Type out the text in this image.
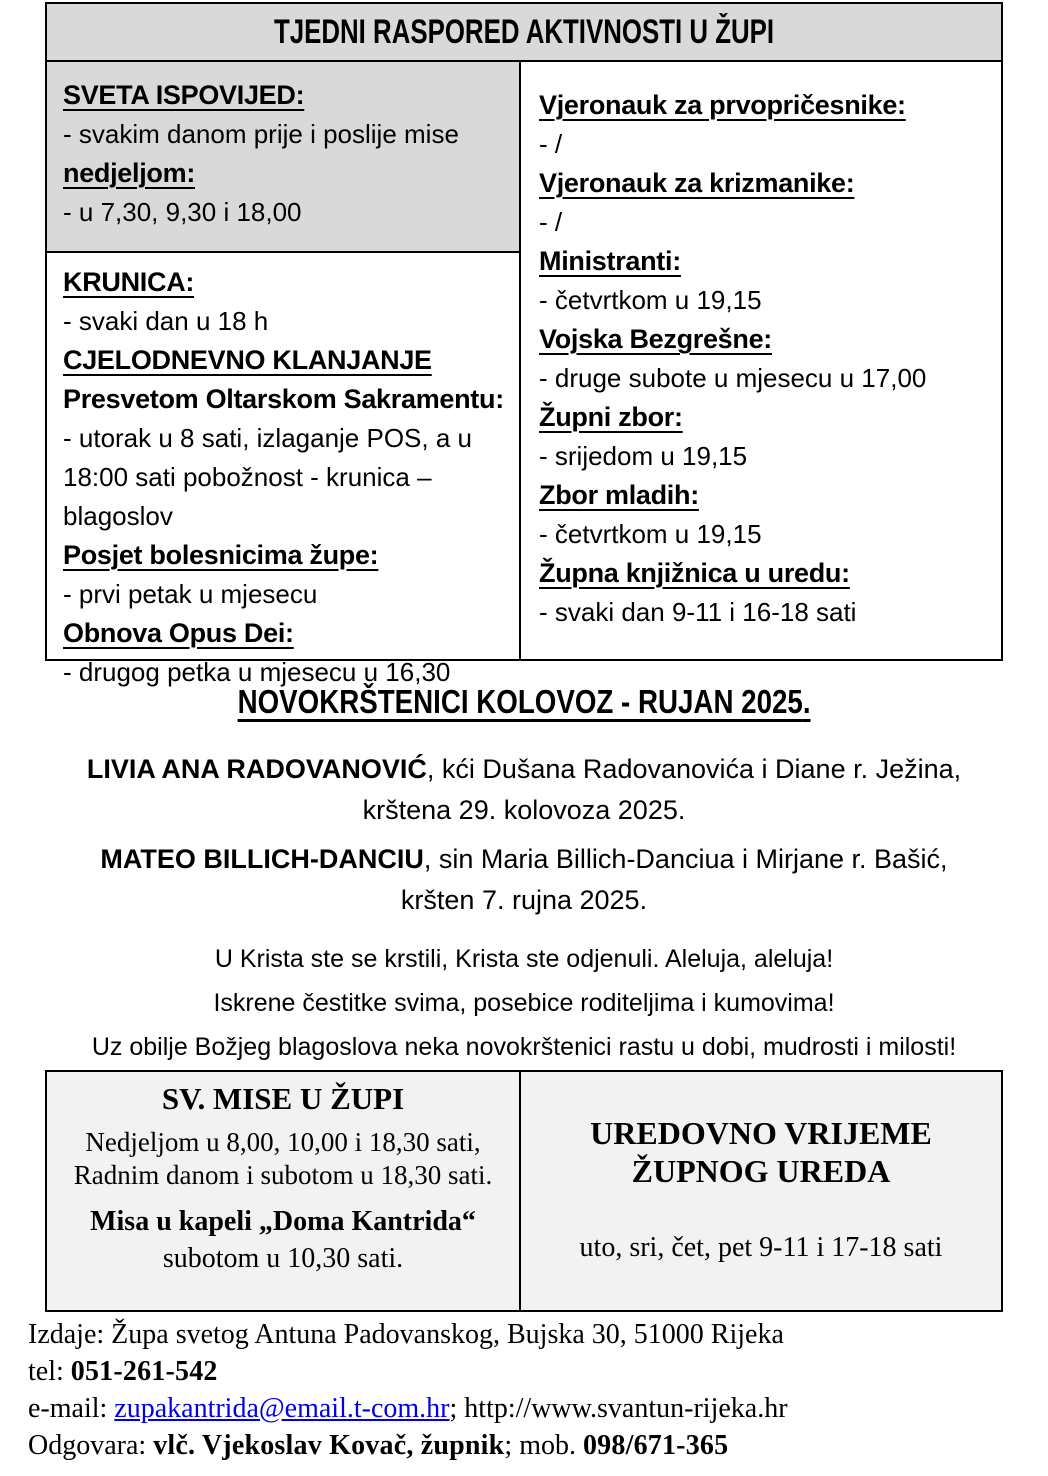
TJEDNI RASPORED AKTIVNOSTI U ŽUPI
SVETA ISPOVIJED:
- svakim danom prije i poslije mise
nedjeljom:
- u 7,30, 9,30 i 18,00
KRUNICA:
- svaki dan u 18 h
CJELODNEVNO KLANJANJE
Presvetom Oltarskom Sakramentu:
- utorak u 8 sati, izlaganje POS, a u 18:00 sati pobožnost - krunica – blagoslov
Posjet bolesnicima župe:
- prvi petak u mjesecu
Obnova Opus Dei:
- drugog petka u mjesecu u 16,30
Vjeronauk za prvopričesnike:
- /
Vjeronauk za krizmanike:
- /
Ministranti:
- četvrtkom u 19,15
Vojska Bezgrešne:
- druge subote u mjesecu u 17,00
Župni zbor:
- srijedom u 19,15
Zbor mladih:
- četvrtkom u 19,15
Župna knjižnica u uredu:
- svaki dan 9-11 i 16-18 sati
NOVOKRŠTENICI KOLOVOZ - RUJAN 2025.
LIVIA ANA RADOVANOVIĆ, kći Dušana Radovanovića i Diane r. Ježina,
krštena 29. kolovoza 2025.
MATEO BILLICH-DANCIU, sin Maria Billich-Danciua i Mirjane r. Bašić,
kršten 7. rujna 2025.
U Krista ste se krstili, Krista ste odjenuli. Aleluja, aleluja!
Iskrene čestitke svima, posebice roditeljima i kumovima!
Uz obilje Božjeg blagoslova neka novokrštenici rastu u dobi, mudrosti i milosti!
SV. MISE U ŽUPI
Nedjeljom u 8,00, 10,00 i 18,30 sati, Radnim danom i subotom u 18,30 sati.
Misa u kapeli „Doma Kantrida“
subotom u 10,30 sati.
UREDOVNO VRIJEME
ŽUPNOG UREDA
uto, sri, čet, pet 9-11 i 17-18 sati
Izdaje: Župa svetog Antuna Padovanskog, Bujska 30, 51000 Rijeka
tel: 051-261-542
e-mail: zupakantrida@email.t-com.hr; http://www.svantun-rijeka.hr
Odgovara: vlč. Vjekoslav Kovač, župnik; mob. 098/671-365
